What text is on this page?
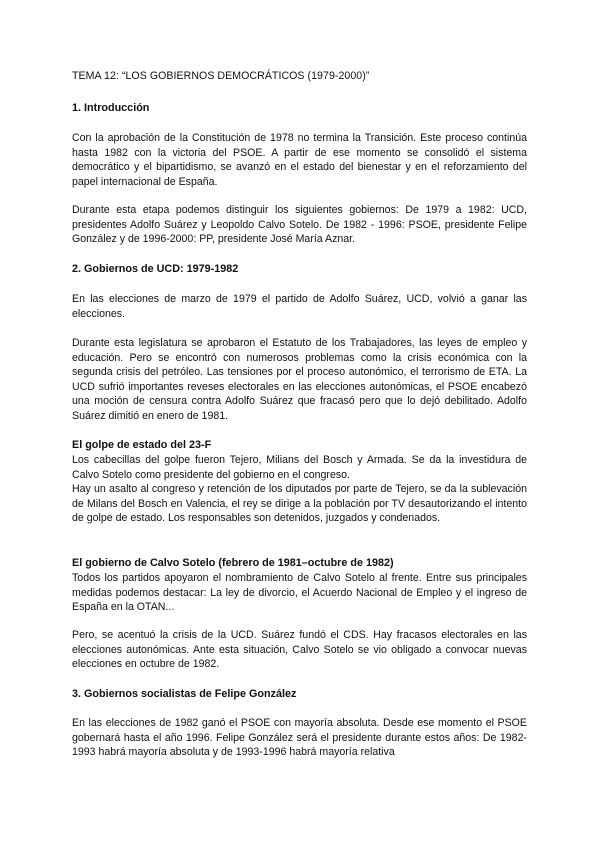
TEMA 12: “LOS GOBIERNOS DEMOCRÁTICOS (1979-2000)”

1. Introducción

Con la aprobación de la Constitución de 1978 no termina la Transición. Este proceso continúa hasta 1982 con la victoria del PSOE. A partir de ese momento se consolidó el sistema democrático y el bipartidismo, se avanzó en el estado del bienestar y en el reforzamiento del papel internacional de España.

Durante esta etapa podemos distinguir los siguientes gobiernos: De 1979 a 1982: UCD, presidentes Adolfo Suárez y Leopoldo Calvo Sotelo. De 1982 - 1996: PSOE, presidente Felipe González y de 1996-2000: PP, presidente José María Aznar.

2. Gobiernos de UCD: 1979-1982

En las elecciones de marzo de 1979 el partido de Adolfo Suárez, UCD, volvió a ganar las elecciones.

Durante esta legislatura se aprobaron el Estatuto de los Trabajadores, las leyes de empleo y educación. Pero se encontró con numerosos problemas como la crisis económica con la segunda crisis del petróleo. Las tensiones por el proceso autonómico, el terrorismo de ETA. La UCD sufrió importantes reveses electorales en las elecciones autonómicas, el PSOE encabezó una moción de censura contra Adolfo Suárez que fracasó pero que lo dejó debilitado. Adolfo Suárez dimitió en enero de 1981.

El golpe de estado del 23-F

Los cabecillas del golpe fueron Tejero, Milians del Bosch y Armada. Se da la investidura de Calvo Sotelo como presidente del gobierno en el congreso.

Hay un asalto al congreso y retención de los diputados por parte de Tejero, se da la sublevación de Milans del Bosch en Valencia, el rey se dirige a la población por TV desautorizando el intento de golpe de estado. Los responsables son detenidos, juzgados y condenados.

El gobierno de Calvo Sotelo (febrero de 1981–octubre de 1982)

Todos los partidos apoyaron el nombramiento de Calvo Sotelo al frente. Entre sus principales medidas podemos destacar: La ley de divorcio, el Acuerdo Nacional de Empleo y el ingreso de España en la OTAN...

Pero, se acentuó la crisis de la UCD. Suárez fundó el CDS. Hay fracasos electorales en las elecciones autonómicas. Ante esta situación, Calvo Sotelo se vio obligado a convocar nuevas elecciones en octubre de 1982.

3. Gobiernos socialistas de Felipe González

En las elecciones de 1982 ganó el PSOE con mayoría absoluta. Desde ese momento el PSOE gobernará hasta el año 1996. Felipe González será el presidente durante estos años: De 1982-1993 habrá mayoría absoluta y de 1993-1996 habrá mayoría relativa
